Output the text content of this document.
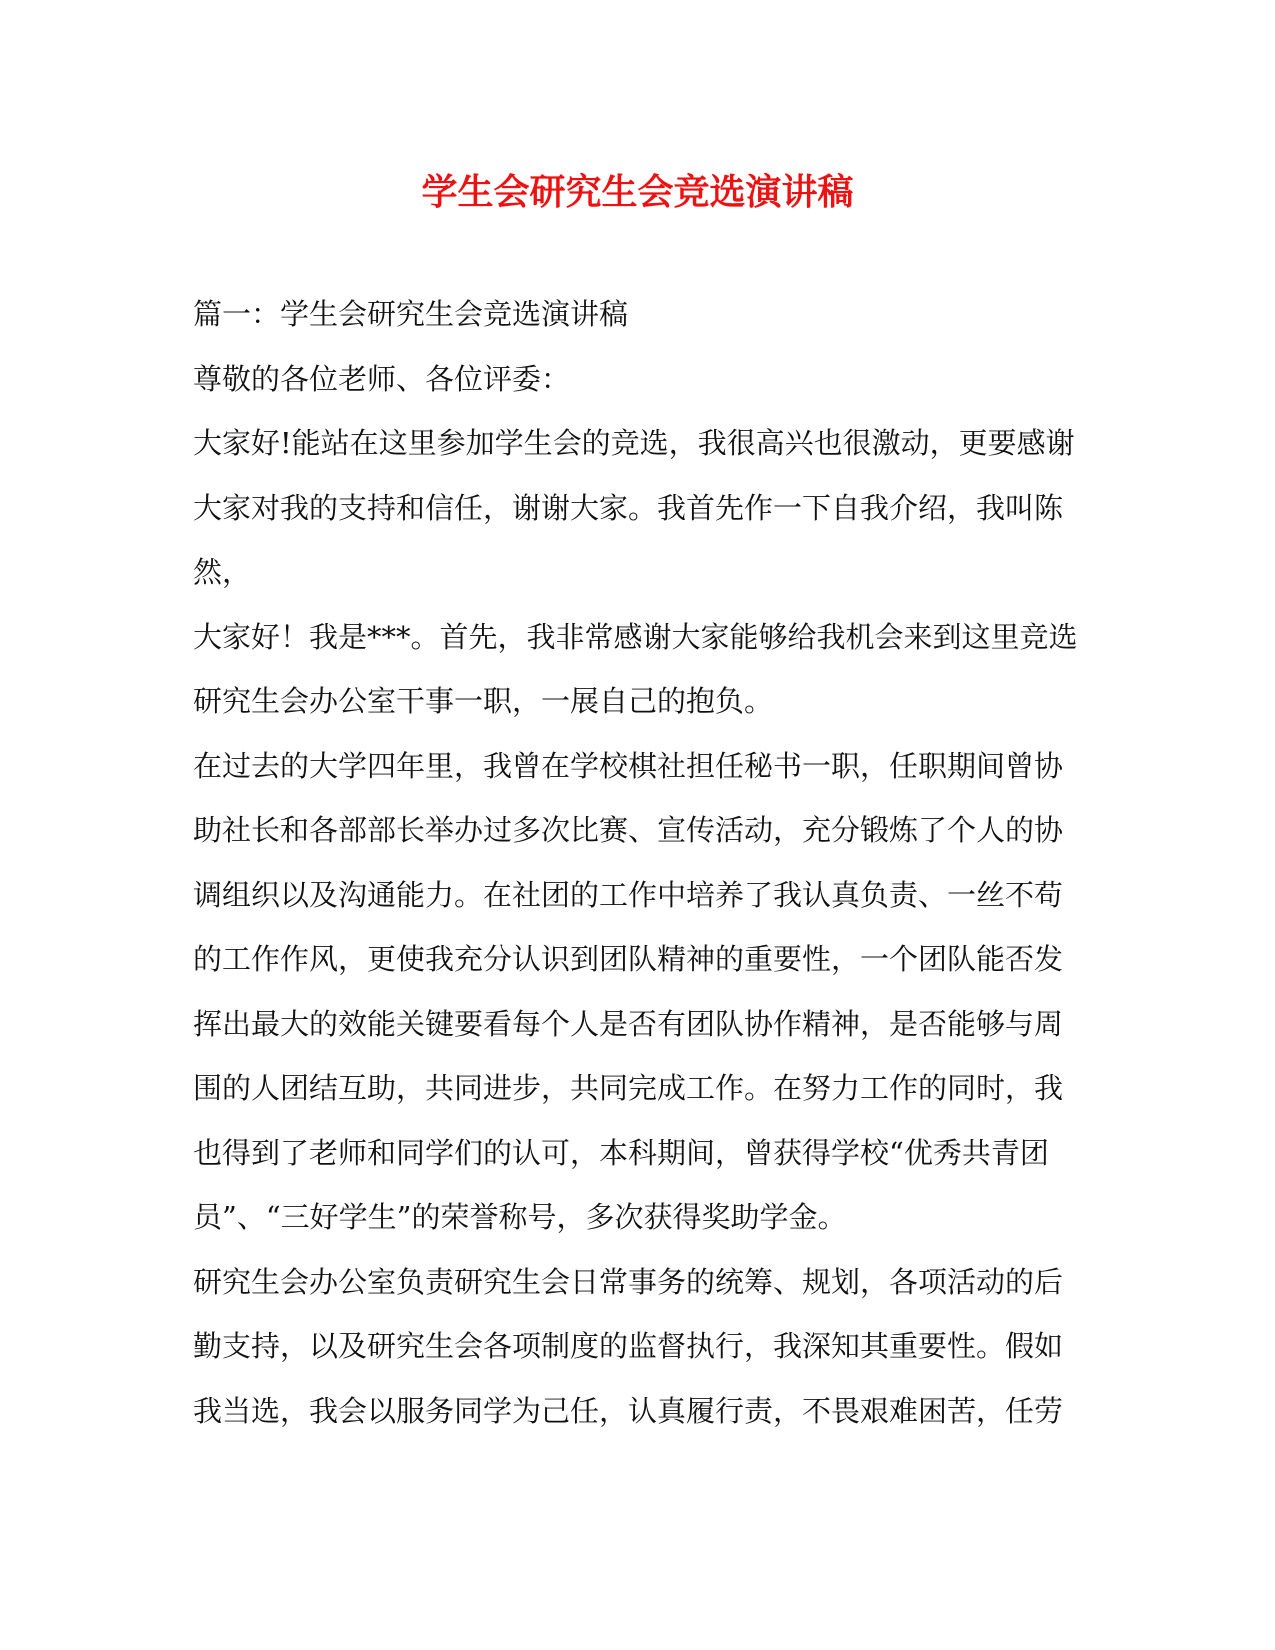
学生会研究生会竞选演讲稿

篇一：学生会研究生会竞选演讲稿

尊敬的各位老师、各位评委：

大家好!能站在这里参加学生会的竞选，我很高兴也很激动，更要感谢大家对我的支持和信任，谢谢大家。我首先作一下自我介绍，我叫陈然，

大家好！我是***。首先，我非常感谢大家能够给我机会来到这里竞选研究生会办公室干事一职，一展自己的抱负。

在过去的大学四年里，我曾在学校棋社担任秘书一职，任职期间曾协助社长和各部部长举办过多次比赛、宣传活动，充分锻炼了个人的协调组织以及沟通能力。在社团的工作中培养了我认真负责、一丝不苟的工作作风，更使我充分认识到团队精神的重要性，一个团队能否发挥出最大的效能关键要看每个人是否有团队协作精神，是否能够与周围的人团结互助，共同进步，共同完成工作。在努力工作的同时，我也得到了老师和同学们的认可，本科期间，曾获得学校“优秀共青团员”、“三好学生”的荣誉称号，多次获得奖助学金。

研究生会办公室负责研究生会日常事务的统筹、规划，各项活动的后勤支持，以及研究生会各项制度的监督执行，我深知其重要性。假如我当选，我会以服务同学为己任，认真履行责，不畏艰难困苦，任劳
